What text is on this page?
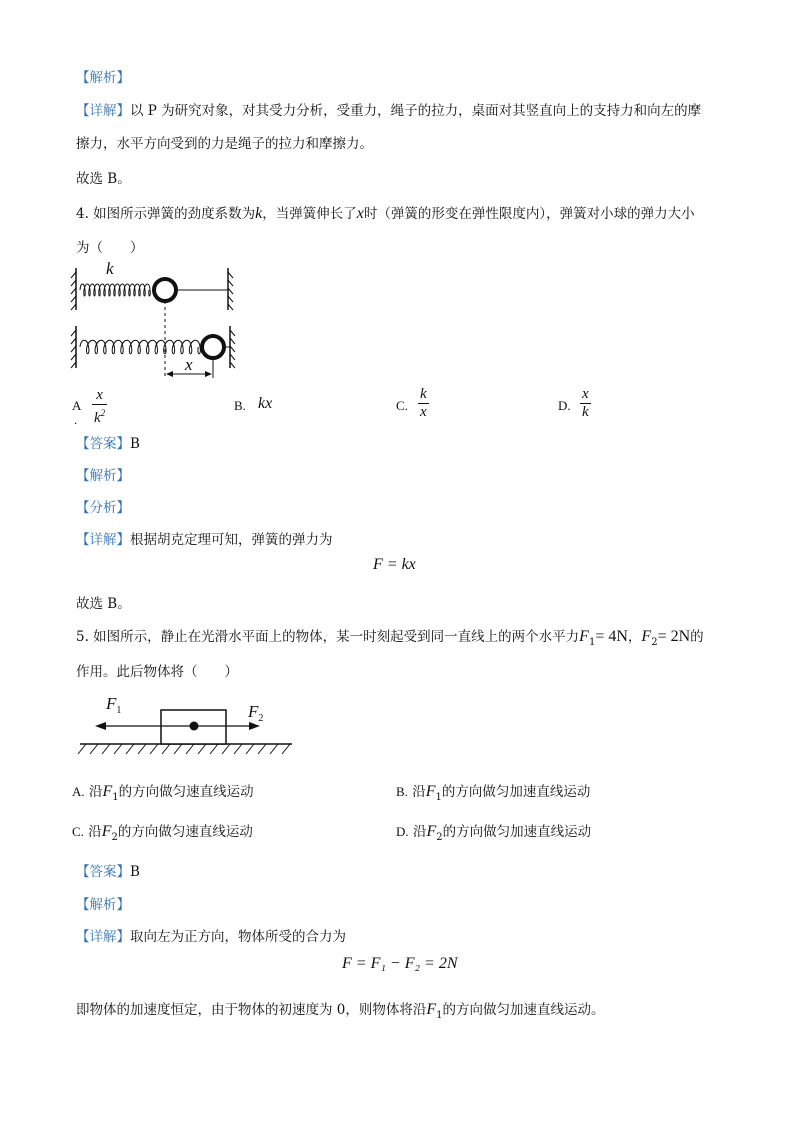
【解析】
【详解】以 P 为研究对象，对其受力分析，受重力，绳子的拉力，桌面对其竖直向上的支持力和向左的摩
擦力，水平方向受到的力是绳子的拉力和摩擦力。
故选 B。
4. 如图所示弹簧的劲度系数为k，当弹簧伸长了x时（弹簧的形变在弹性限度内），弹簧对小球的弹力大小
为（　　）
k
x
A
. $\frac{x}{k^2}$	B. kx	C. $\frac{k}{x}$	D. $\frac{x}{k}$
【答案】B
【解析】
【分析】
【详解】根据胡克定理可知，弹簧的弹力为
F = kx
故选 B。
5. 如图所示，静止在光滑水平面上的物体，某一时刻起受到同一直线上的两个水平力$F_1= 4N$，$F_2= 2N$的
作用。此后物体将（　　）
$F_1$	$F_2$
A. 沿$F_1$的方向做匀速直线运动	B. 沿$F_1$的方向做匀加速直线运动
C. 沿$F_2$的方向做匀速直线运动	D. 沿$F_2$的方向做匀加速直线运动
【答案】B
【解析】
【详解】取向左为正方向，物体所受的合力为
F = F₁ − F₂ = 2N
即物体的加速度恒定，由于物体的初速度为 0，则物体将沿$F_1$的方向做匀加速直线运动。
